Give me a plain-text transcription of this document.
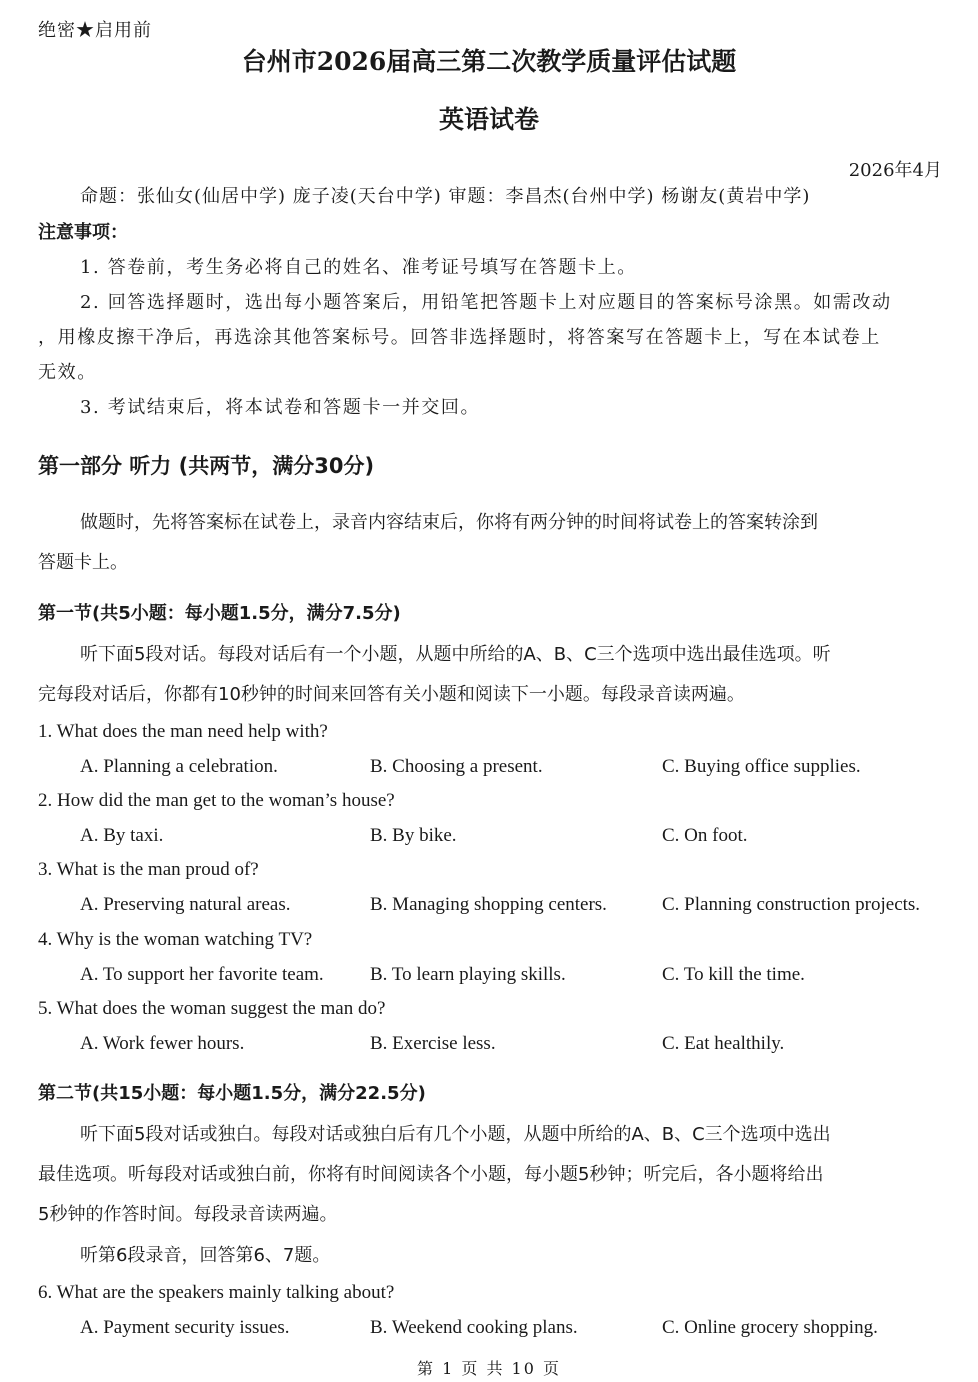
绝密★启用前
台州市2026届高三第二次教学质量评估试题
英语试卷
2026年4月
命题：张仙女(仙居中学) 庞子凌(天台中学) 审题：李昌杰(台州中学) 杨谢友(黄岩中学)
注意事项：
1. 答卷前，考生务必将自己的姓名、准考证号填写在答题卡上。
2. 回答选择题时，选出每小题答案后，用铅笔把答题卡上对应题目的答案标号涂黑。如需改动
，用橡皮擦干净后，再选涂其他答案标号。回答非选择题时，将答案写在答题卡上，写在本试卷上
无效。
3. 考试结束后，将本试卷和答题卡一并交回。
第一部分 听力 (共两节，满分30分)
做题时，先将答案标在试卷上，录音内容结束后，你将有两分钟的时间将试卷上的答案转涂到
答题卡上。
第一节(共5小题：每小题1.5分，满分7.5分)
听下面5段对话。每段对话后有一个小题，从题中所给的A、B、C三个选项中选出最佳选项。听
完每段对话后，你都有10秒钟的时间来回答有关小题和阅读下一小题。每段录音读两遍。
1. What does the man need help with?
A. Planning a celebration.	B. Choosing a present.	C. Buying office supplies.
2. How did the man get to the woman’s house?
A. By taxi.	B. By bike.	C. On foot.
3. What is the man proud of?
A. Preserving natural areas.	B. Managing shopping centers.	C. Planning construction projects.
4. Why is the woman watching TV?
A. To support her favorite team. B. To learn playing skills.	C. To kill the time.
5. What does the woman suggest the man do?
A. Work fewer hours.	B. Exercise less.	C. Eat healthily.
第二节(共15小题：每小题1.5分，满分22.5分)
听下面5段对话或独白。每段对话或独白后有几个小题，从题中所给的A、B、C三个选项中选出
最佳选项。听每段对话或独白前，你将有时间阅读各个小题，每小题5秒钟；听完后，各小题将给出
5秒钟的作答时间。每段录音读两遍。
听第6段录音，回答第6、7题。
6. What are the speakers mainly talking about?
A. Payment security issues.	B. Weekend cooking plans.	C. Online grocery shopping.
第 1 页 共 10 页
